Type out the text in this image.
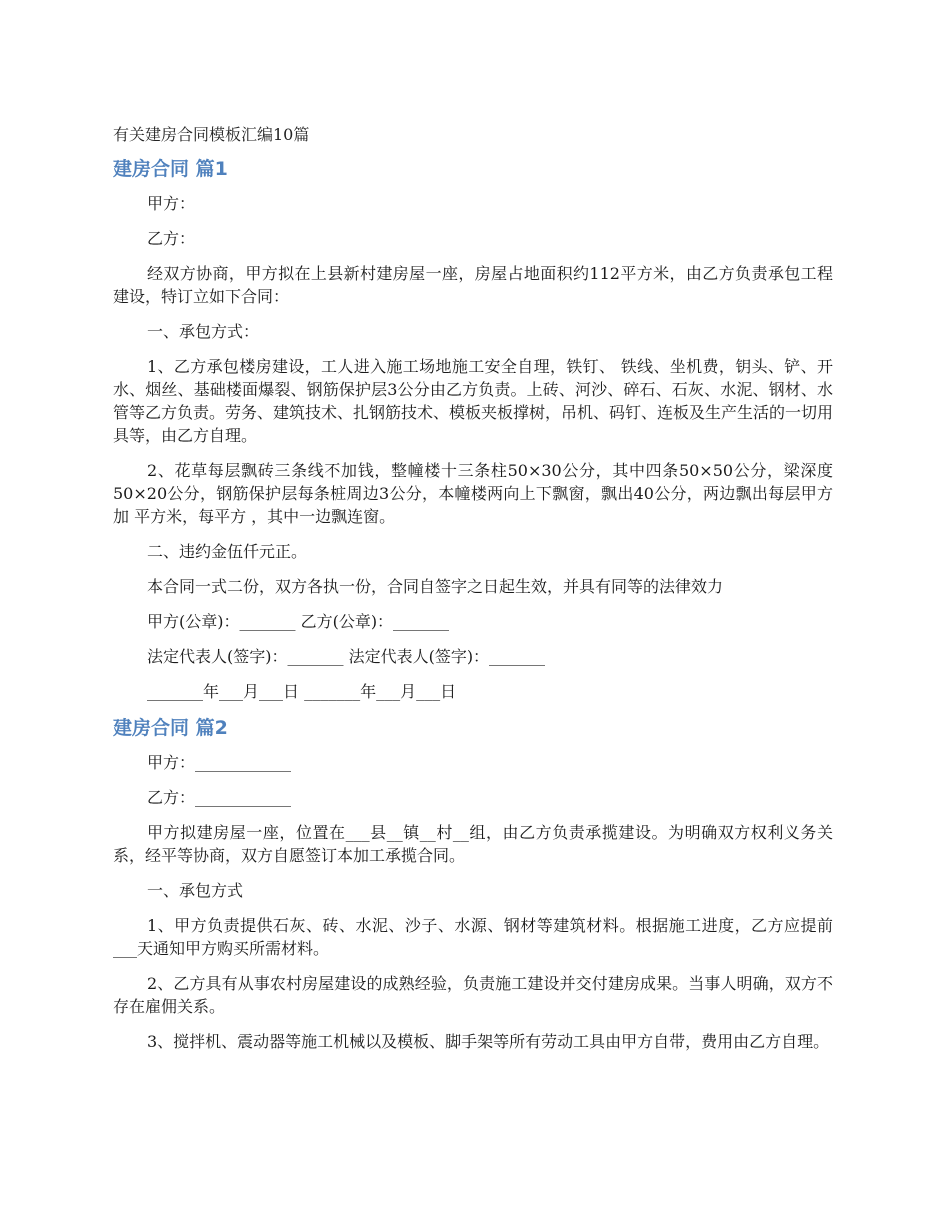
有关建房合同模板汇编10篇
建房合同 篇1

甲方：

乙方：

经双方协商，甲方拟在上县新村建房屋一座，房屋占地面积约112平方米，由乙方负责承包工程建设，特订立如下合同：

一、承包方式：

1、乙方承包楼房建设，工人进入施工场地施工安全自理，铁钉、 铁线、坐机费，钥头、铲、开水、烟丝、基础楼面爆裂、钢筋保护层3公分由乙方负责。上砖、河沙、碎石、石灰、水泥、钢材、水管等乙方负责。劳务、建筑技术、扎钢筋技术、模板夹板撑树，吊机、码钉、连板及生产生活的一切用具等，由乙方自理。

2、花草每层飘砖三条线不加钱，整幢楼十三条柱50×30公分，其中四条50×50公分，梁深度50×20公分，钢筋保护层每条桩周边3公分，本幢楼两向上下飘窗，飘出40公分，两边飘出每层甲方加 平方米，每平方 ，其中一边飘连窗。

二、违约金伍仟元正。

本合同一式二份，双方各执一份，合同自签字之日起生效，并具有同等的法律效力

甲方(公章)：_______ 乙方(公章)：_______

法定代表人(签字)：_______ 法定代表人(签字)：_______

_______年___月___日 _______年___月___日

建房合同 篇2

甲方：____________

乙方：____________

甲方拟建房屋一座，位置在___县__镇__村__组，由乙方负责承揽建设。为明确双方权利义务关系，经平等协商，双方自愿签订本加工承揽合同。

一、承包方式

1、甲方负责提供石灰、砖、水泥、沙子、水源、钢材等建筑材料。根据施工进度，乙方应提前___天通知甲方购买所需材料。

2、乙方具有从事农村房屋建设的成熟经验，负责施工建设并交付建房成果。当事人明确，双方不存在雇佣关系。

3、搅拌机、震动器等施工机械以及模板、脚手架等所有劳动工具由甲方自带，费用由乙方自理。
